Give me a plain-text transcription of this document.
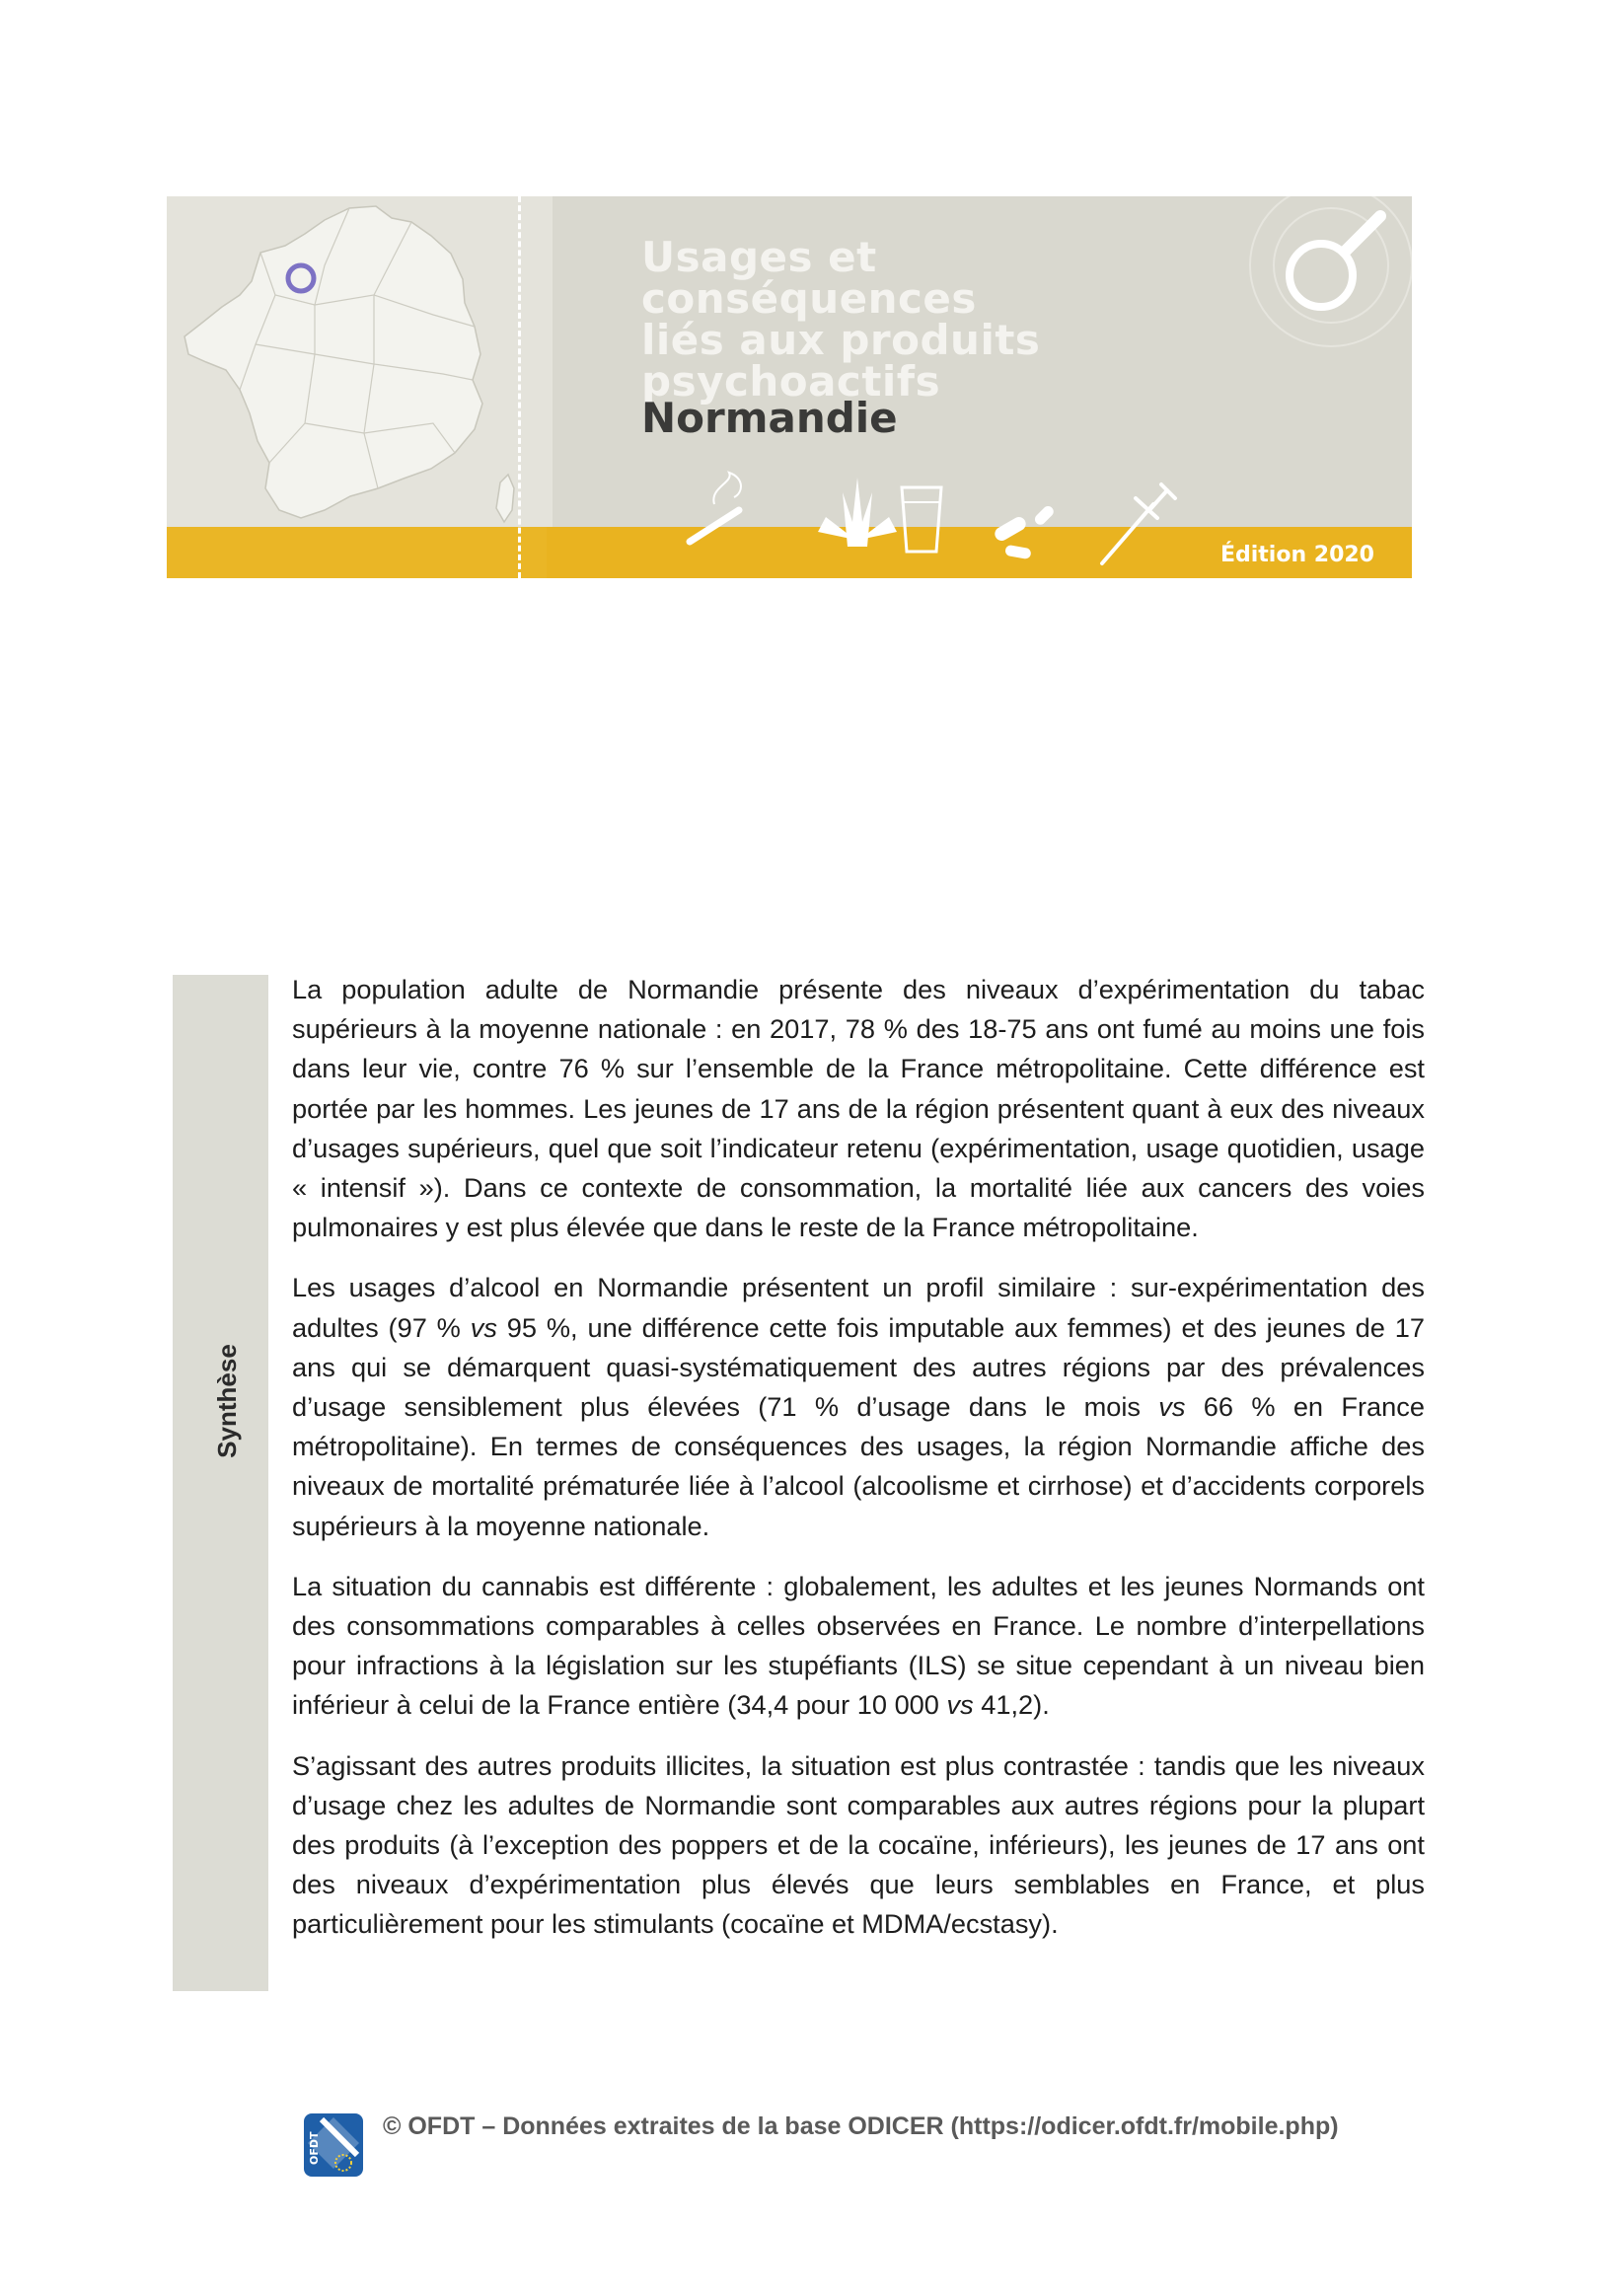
Usages et conséquences
liés aux produits
psychoactifs
Normandie
Édition 2020
Synthèse

La population adulte de Normandie présente des niveaux d’expérimentation du tabac supérieurs à la moyenne nationale : en 2017, 78 % des 18-75 ans ont fumé au moins une fois dans leur vie, contre 76 % sur l’ensemble de la France métropolitaine. Cette différence est portée par les hommes. Les jeunes de 17 ans de la région présentent quant à eux des niveaux d’usages supérieurs, quel que soit l’indicateur retenu (expérimentation, usage quotidien, usage « intensif »). Dans ce contexte de consommation, la mortalité liée aux cancers des voies pulmonaires y est plus élevée que dans le reste de la France métropolitaine.

Les usages d’alcool en Normandie présentent un profil similaire : sur-expérimentation des adultes (97 % vs 95 %, une différence cette fois imputable aux femmes) et des jeunes de 17 ans qui se démarquent quasi-systématiquement des autres régions par des prévalences d’usage sensiblement plus élevées (71 % d’usage dans le mois vs 66 % en France métropolitaine). En termes de conséquences des usages, la région Normandie affiche des niveaux de mortalité prématurée liée à l’alcool (alcoolisme et cirrhose) et d’accidents corporels supérieurs à la moyenne nationale.

La situation du cannabis est différente : globalement, les adultes et les jeunes Normands ont des consommations comparables à celles observées en France. Le nombre d’interpellations pour infractions à la législation sur les stupéfiants (ILS) se situe cependant à un niveau bien inférieur à celui de la France entière (34,4 pour 10 000 vs 41,2).

S’agissant des autres produits illicites, la situation est plus contrastée : tandis que les niveaux d’usage chez les adultes de Normandie sont comparables aux autres régions pour la plupart des produits (à l’exception des poppers et de la cocaïne, inférieurs), les jeunes de 17 ans ont des niveaux d’expérimentation plus élevés que leurs semblables en France, et plus particulièrement pour les stimulants (cocaïne et MDMA/ecstasy).

OFDT
© OFDT – Données extraites de la base ODICER (https://odicer.ofdt.fr/mobile.php)
